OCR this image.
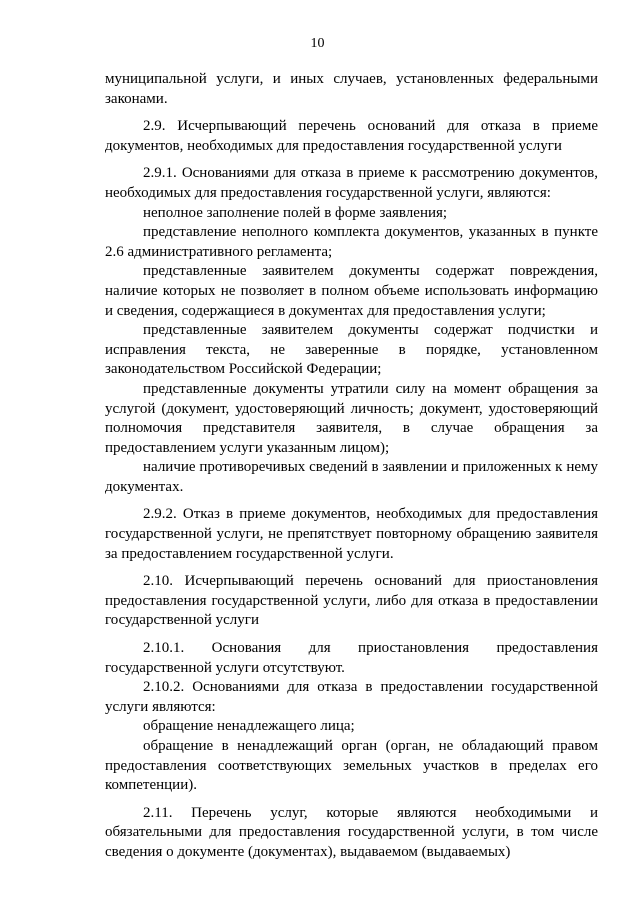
10

муниципальной услуги, и иных случаев, установленных федеральными законами.

2.9. Исчерпывающий перечень оснований для отказа в приеме документов, необходимых для предоставления государственной услуги

2.9.1. Основаниями для отказа в приеме к рассмотрению документов, необходимых для предоставления государственной услуги, являются:

неполное заполнение полей в форме заявления;

представление неполного комплекта документов, указанных в пункте 2.6 административного регламента;

представленные заявителем документы содержат повреждения, наличие которых не позволяет в полном объеме использовать информацию и сведения, содержащиеся в документах для предоставления услуги;

представленные заявителем документы содержат подчистки и исправления текста, не заверенные в порядке, установленном законодательством Российской Федерации;

представленные документы утратили силу на момент обращения за услугой (документ, удостоверяющий личность; документ, удостоверяющий полномочия представителя заявителя, в случае обращения за предоставлением услуги указанным лицом);

наличие противоречивых сведений в заявлении и приложенных к нему документах.

2.9.2. Отказ в приеме документов, необходимых для предоставления государственной услуги, не препятствует повторному обращению заявителя за предоставлением государственной услуги.

2.10. Исчерпывающий перечень оснований для приостановления предоставления государственной услуги, либо для отказа в предоставлении государственной услуги

2.10.1. Основания для приостановления предоставления государственной услуги отсутствуют.

2.10.2. Основаниями для отказа в предоставлении государственной услуги являются:

обращение ненадлежащего лица;

обращение в ненадлежащий орган (орган, не обладающий правом предоставления соответствующих земельных участков в пределах его компетенции).

2.11. Перечень услуг, которые являются необходимыми и обязательными для предоставления государственной услуги, в том числе сведения о документе (документах), выдаваемом (выдаваемых)
